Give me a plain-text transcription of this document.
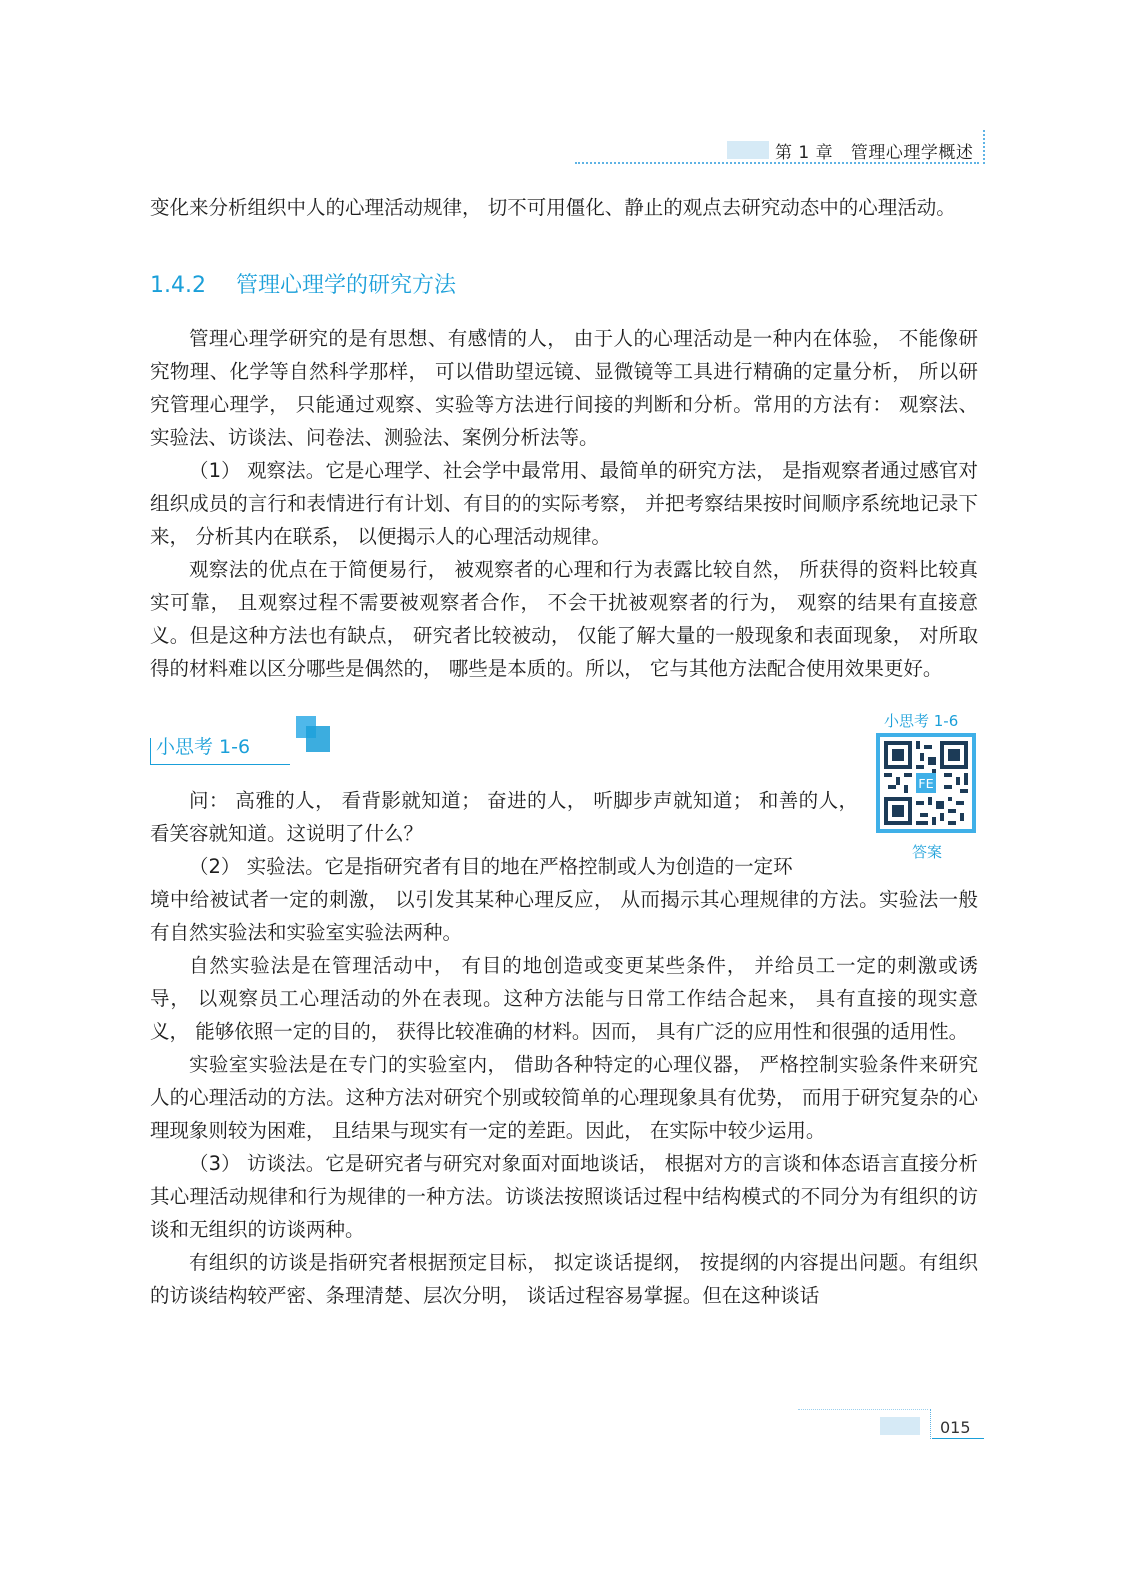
第 1 章 管理心理学概述

变化来分析组织中人的心理活动规律， 切不可用僵化、静止的观点去研究动态中的心理活动。

1.4.2 管理心理学的研究方法

管理心理学研究的是有思想、有感情的人， 由于人的心理活动是一种内在体验， 不能像研究物理、化学等自然科学那样， 可以借助望远镜、显微镜等工具进行精确的定量分析， 所以研究管理心理学， 只能通过观察、实验等方法进行间接的判断和分析。常用的方法有： 观察法、实验法、访谈法、问卷法、测验法、案例分析法等。

（1） 观察法。它是心理学、社会学中最常用、最简单的研究方法， 是指观察者通过感官对组织成员的言行和表情进行有计划、有目的的实际考察， 并把考察结果按时间顺序系统地记录下来， 分析其内在联系， 以便揭示人的心理活动规律。

观察法的优点在于简便易行， 被观察者的心理和行为表露比较自然， 所获得的资料比较真实可靠， 且观察过程不需要被观察者合作， 不会干扰被观察者的行为， 观察的结果有直接意义。但是这种方法也有缺点， 研究者比较被动， 仅能了解大量的一般现象和表面现象， 对所取得的材料难以区分哪些是偶然的， 哪些是本质的。所以， 它与其他方法配合使用效果更好。

小思考 1-6
小思考 1-6
FE
答案

问： 高雅的人， 看背影就知道； 奋进的人， 听脚步声就知道； 和善的人， 看笑容就知道。这说明了什么？

（2） 实验法。它是指研究者有目的地在严格控制或人为创造的一定环

境中给被试者一定的刺激， 以引发其某种心理反应， 从而揭示其心理规律的方法。实验法一般有自然实验法和实验室实验法两种。

自然实验法是在管理活动中， 有目的地创造或变更某些条件， 并给员工一定的刺激或诱导， 以观察员工心理活动的外在表现。这种方法能与日常工作结合起来， 具有直接的现实意义， 能够依照一定的目的， 获得比较准确的材料。因而， 具有广泛的应用性和很强的适用性。

实验室实验法是在专门的实验室内， 借助各种特定的心理仪器， 严格控制实验条件来研究人的心理活动的方法。这种方法对研究个别或较简单的心理现象具有优势， 而用于研究复杂的心理现象则较为困难， 且结果与现实有一定的差距。因此， 在实际中较少运用。

（3） 访谈法。它是研究者与研究对象面对面地谈话， 根据对方的言谈和体态语言直接分析其心理活动规律和行为规律的一种方法。访谈法按照谈话过程中结构模式的不同分为有组织的访谈和无组织的访谈两种。

有组织的访谈是指研究者根据预定目标， 拟定谈话提纲， 按提纲的内容提出问题。有组织的访谈结构较严密、条理清楚、层次分明， 谈话过程容易掌握。但在这种谈话

015
